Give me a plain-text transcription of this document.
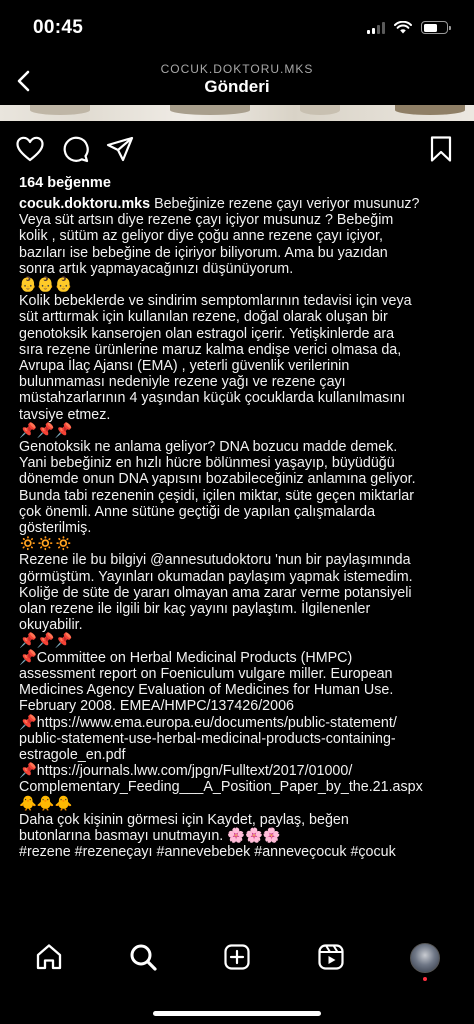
00:45
COCUK.DOKTORU.MKS
Gönderi
164 beğenme
cocuk.doktoru.mks Bebeğinize rezene çayı veriyor musunuz?
Veya süt artsın diye rezene çayı içiyor musunuz ? Bebeğim
kolik , sütüm az geliyor diye çoğu anne rezene çayı içiyor,
bazıları ise bebeğine de içiriyor biliyorum. Ama bu yazıdan
sonra artık yapmayacağınızı düşünüyorum.
👶👶👶
Kolik bebeklerde ve sindirim semptomlarının tedavisi için veya
süt arttırmak için kullanılan rezene, doğal olarak oluşan bir
genotoksik kanserojen olan estragol içerir. Yetişkinlerde ara
sıra rezene ürünlerine maruz kalma endişe verici olmasa da,
Avrupa İlaç Ajansı (EMA) , yeterli güvenlik verilerinin
bulunmaması nedeniyle rezene yağı ve rezene çayı
müstahzarlarının 4 yaşından küçük çocuklarda kullanılmasını
tavsiye etmez.
📌📌📌
Genotoksik ne anlama geliyor? DNA bozucu madde demek.
Yani bebeğiniz en hızlı hücre bölünmesi yaşayıp, büyüdüğü
dönemde onun DNA yapısını bozabileceğiniz anlamına geliyor.
Bunda tabi rezenenin çeşidi, içilen miktar, süte geçen miktarlar
çok önemli. Anne sütüne geçtiği de yapılan çalışmalarda
gösterilmiş.
🔅🔅🔅
Rezene ile bu bilgiyi @annesutudoktoru 'nun bir paylaşımında
görmüştüm. Yayınları okumadan paylaşım yapmak istemedim.
Koliğe de süte de yararı olmayan ama zarar verme potansiyeli
olan rezene ile ilgili bir kaç yayını paylaştım. İlgilenenler
okuyabilir.
📌📌📌
📌Committee on Herbal Medicinal Products (HMPC)
assessment report on Foeniculum vulgare miller. European
Medicines Agency Evaluation of Medicines for Human Use.
February 2008. EMEA/HMPC/137426/2006
📌https://www.ema.europa.eu/documents/public-statement/
public-statement-use-herbal-medicinal-products-containing-
estragole_en.pdf
📌https://journals.lww.com/jpgn/Fulltext/2017/01000/
Complementary_Feeding___A_Position_Paper_by_the.21.aspx
🐥🐥🐥
Daha çok kişinin görmesi için Kaydet, paylaş, beğen
butonlarına basmayı unutmayın. 🌸🌸🌸
#rezene #rezeneçayı #annevebebek #anneveçocuk #çocuk
